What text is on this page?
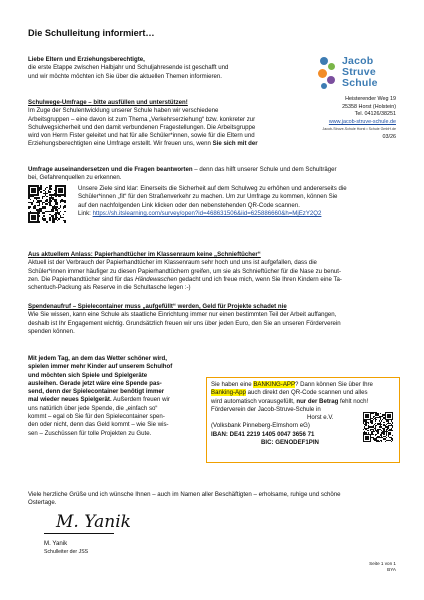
Die Schulleitung informiert…
Jacob
Struve
Schule
Heisterender Weg 19
25358 Horst (Holstein)
Tel. 04126/38251
www.jacob-struve-schule.de
Jacob-Struve-Schule Horst • Schule GmbH.de
03/26
Liebe Eltern und Erziehungsberechtigte,
die erste Etappe zwischen Halbjahr und Schuljahresende ist geschafft und
und wir möchte möchten ich Sie über die aktuellen Themen informieren.
Schulwege-Umfrage – bitte ausfüllen und unterstützen!
Im Zuge der Schulentwicklung unserer Schule haben wir verschiedene
Arbeitsgruppen – eine davon ist zum Thema „Verkehrserziehung“ bzw. konkreter zur
Schulwegsicherheit und den damit verbundenen Fragestellungen. Die Arbeitsgruppe
wird von Herrn Fister geleitet und hat für alle Schüler*innen, sowie für die Eltern und
Erziehungsberechtigten eine Umfrage erstellt. Wir freuen uns, wenn Sie sich mit der
Umfrage auseinandersetzen und die Fragen beantworten – denn das hilft unserer Schule und dem Schulträger
bei, Gefahrenquellen zu erkennen.
Unsere Ziele sind klar: Einerseits die Sicherheit auf dem Schulweg zu erhöhen und andererseits die
Schüler*innen „fit“ für den Straßenverkehr zu machen. Um zur Umfrage zu kommen, können Sie
auf den nachfolgenden Link klicken oder den nebenstehenden QR-Code scannen.
Link: https://sh.itslearning.com/survey/open?id=468631506&iid=625886660&h=MjEzY2Q2
Aus aktuellem Anlass: Papierhandtücher im Klassenraum keine „Schnieftücher“
Aktuell ist der Verbrauch der Papierhandtücher im Klassenraum sehr hoch und uns ist aufgefallen, dass die
Schüler*innen immer häufiger zu diesen Papierhandtüchern greifen, um sie als Schnieftücher für die Nase zu benut-
zen. Die Papierhandtücher sind für das Händewaschen gedacht und ich freue mich, wenn Sie Ihren Kindern eine Ta-
schentuch-Packung als Reserve in die Schultasche legen :-)
Spendenaufruf – Spielecontainer muss „aufgefüllt“ werden, Geld für Projekte schadet nie
Wie Sie wissen, kann eine Schule als staatliche Einrichtung immer nur einen bestimmten Teil der Arbeit auffangen,
deshalb ist Ihr Engagement wichtig. Grundsätzlich freuen wir uns über jeden Euro, den Sie an unseren Förderverein
spenden können.
Mit jedem Tag, an dem das Wetter schöner wird,
spielen immer mehr Kinder auf unserem Schulhof
und möchten sich Spiele und Spielgeräte
ausleihen. Gerade jetzt wäre eine Spende pas-
send, denn der Spielecontainer benötigt immer
mal wieder neues Spielgerät. Außerdem freuen wir
uns natürlich über jede Spende, die „einfach so“
kommt – egal ob Sie für den Spielecontainer spen-
den oder nicht, denn das Geld kommt – wie Sie wis-
sen – Zuschüssen für tolle Projekten zu Gute.
Sie haben eine BANKING-APP? Dann können Sie über Ihre
Banking-App auch direkt den QR-Code scannen und alles
wird automatisch vorausgefüllt, nur der Betrag fehlt noch!
Förderverein der Jacob-Struve-Schule in
Horst e.V.
(Volksbank Pinneberg-Elmshorn eG)
IBAN: DE41 2219 1405 0047 3656 71
BIC: GENODEF1PIN
Viele herzliche Grüße und ich wünsche Ihnen – auch im Namen aller Beschäftigten – erholsame, ruhige und schöne
Ostertage.
M. Yanik
M. Yanik
Schulleiter der JSS
Seite 1 von 1
BYA
